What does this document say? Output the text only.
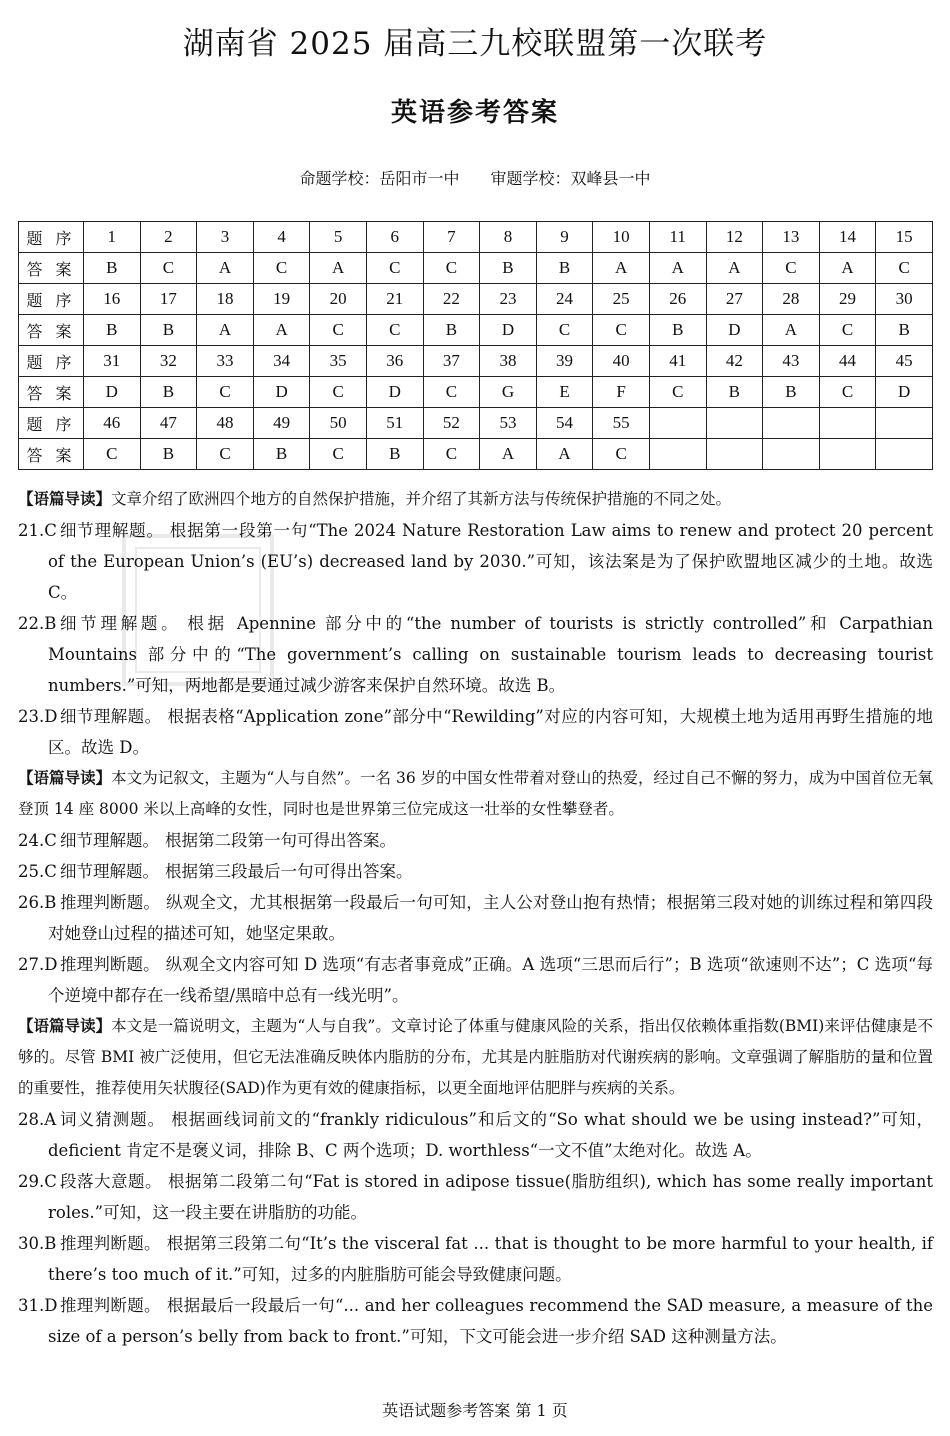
湖南省 2025 届高三九校联盟第一次联考
英语参考答案
命题学校：岳阳市一中 审题学校：双峰县一中
题 序	1	2	3	4	5	6	7	8	9	10	11	12	13	14	15
答 案	B	C	A	C	A	C	C	B	B	A	A	A	C	A	C
题 序	16	17	18	19	20	21	22	23	24	25	26	27	28	29	30
答 案	B	B	A	A	C	C	B	D	C	C	B	D	A	C	B
题 序	31	32	33	34	35	36	37	38	39	40	41	42	43	44	45
答 案	D	B	C	D	C	D	C	G	E	F	C	B	B	C	D
题 序	46	47	48	49	50	51	52	53	54	55					
答 案	C	B	C	B	C	B	C	A	A	C					
【语篇导读】文章介绍了欧洲四个地方的自然保护措施，并介绍了其新方法与传统保护措施的不同之处。
21.C 细节理解题。 根据第一段第一句“The 2024 Nature Restoration Law aims to renew and protect 20 percent of the European Union’s (EU’s) decreased land by 2030.”可知，该法案是为了保护欧盟地区减少的土地。故选 C。
22.B 细节理解题。 根据 Apennine 部分中的“the number of tourists is strictly controlled”和 Carpathian Mountains 部分中的“The government’s calling on sustainable tourism leads to decreasing tourist numbers.”可知，两地都是要通过减少游客来保护自然环境。故选 B。
23.D 细节理解题。 根据表格“Application zone”部分中“Rewilding”对应的内容可知，大规模土地为适用再野生措施的地区。故选 D。
【语篇导读】本文为记叙文，主题为“人与自然”。一名 36 岁的中国女性带着对登山的热爱，经过自己不懈的努力，成为中国首位无氧登顶 14 座 8000 米以上高峰的女性，同时也是世界第三位完成这一壮举的女性攀登者。
24.C 细节理解题。 根据第二段第一句可得出答案。
25.C 细节理解题。 根据第三段最后一句可得出答案。
26.B 推理判断题。 纵观全文，尤其根据第一段最后一句可知，主人公对登山抱有热情；根据第三段对她的训练过程和第四段对她登山过程的描述可知，她坚定果敢。
27.D 推理判断题。 纵观全文内容可知 D 选项“有志者事竟成”正确。A 选项“三思而后行”；B 选项“欲速则不达”；C 选项“每个逆境中都存在一线希望/黑暗中总有一线光明”。
【语篇导读】本文是一篇说明文，主题为“人与自我”。文章讨论了体重与健康风险的关系，指出仅依赖体重指数(BMI)来评估健康是不够的。尽管 BMI 被广泛使用，但它无法准确反映体内脂肪的分布，尤其是内脏脂肪对代谢疾病的影响。文章强调了解脂肪的量和位置的重要性，推荐使用矢状腹径(SAD)作为更有效的健康指标，以更全面地评估肥胖与疾病的关系。
28.A 词义猜测题。 根据画线词前文的“frankly ridiculous”和后文的“So what should we be using instead?”可知，deficient 肯定不是褒义词，排除 B、C 两个选项；D. worthless“一文不值”太绝对化。故选 A。
29.C 段落大意题。 根据第二段第二句“Fat is stored in adipose tissue(脂肪组织), which has some really important roles.”可知，这一段主要在讲脂肪的功能。
30.B 推理判断题。 根据第三段第二句“It’s the visceral fat ... that is thought to be more harmful to your health, if there’s too much of it.”可知，过多的内脏脂肪可能会导致健康问题。
31.D 推理判断题。 根据最后一段最后一句“... and her colleagues recommend the SAD measure, a measure of the size of a person’s belly from back to front.”可知，下文可能会进一步介绍 SAD 这种测量方法。
英语试题参考答案 第 1 页
